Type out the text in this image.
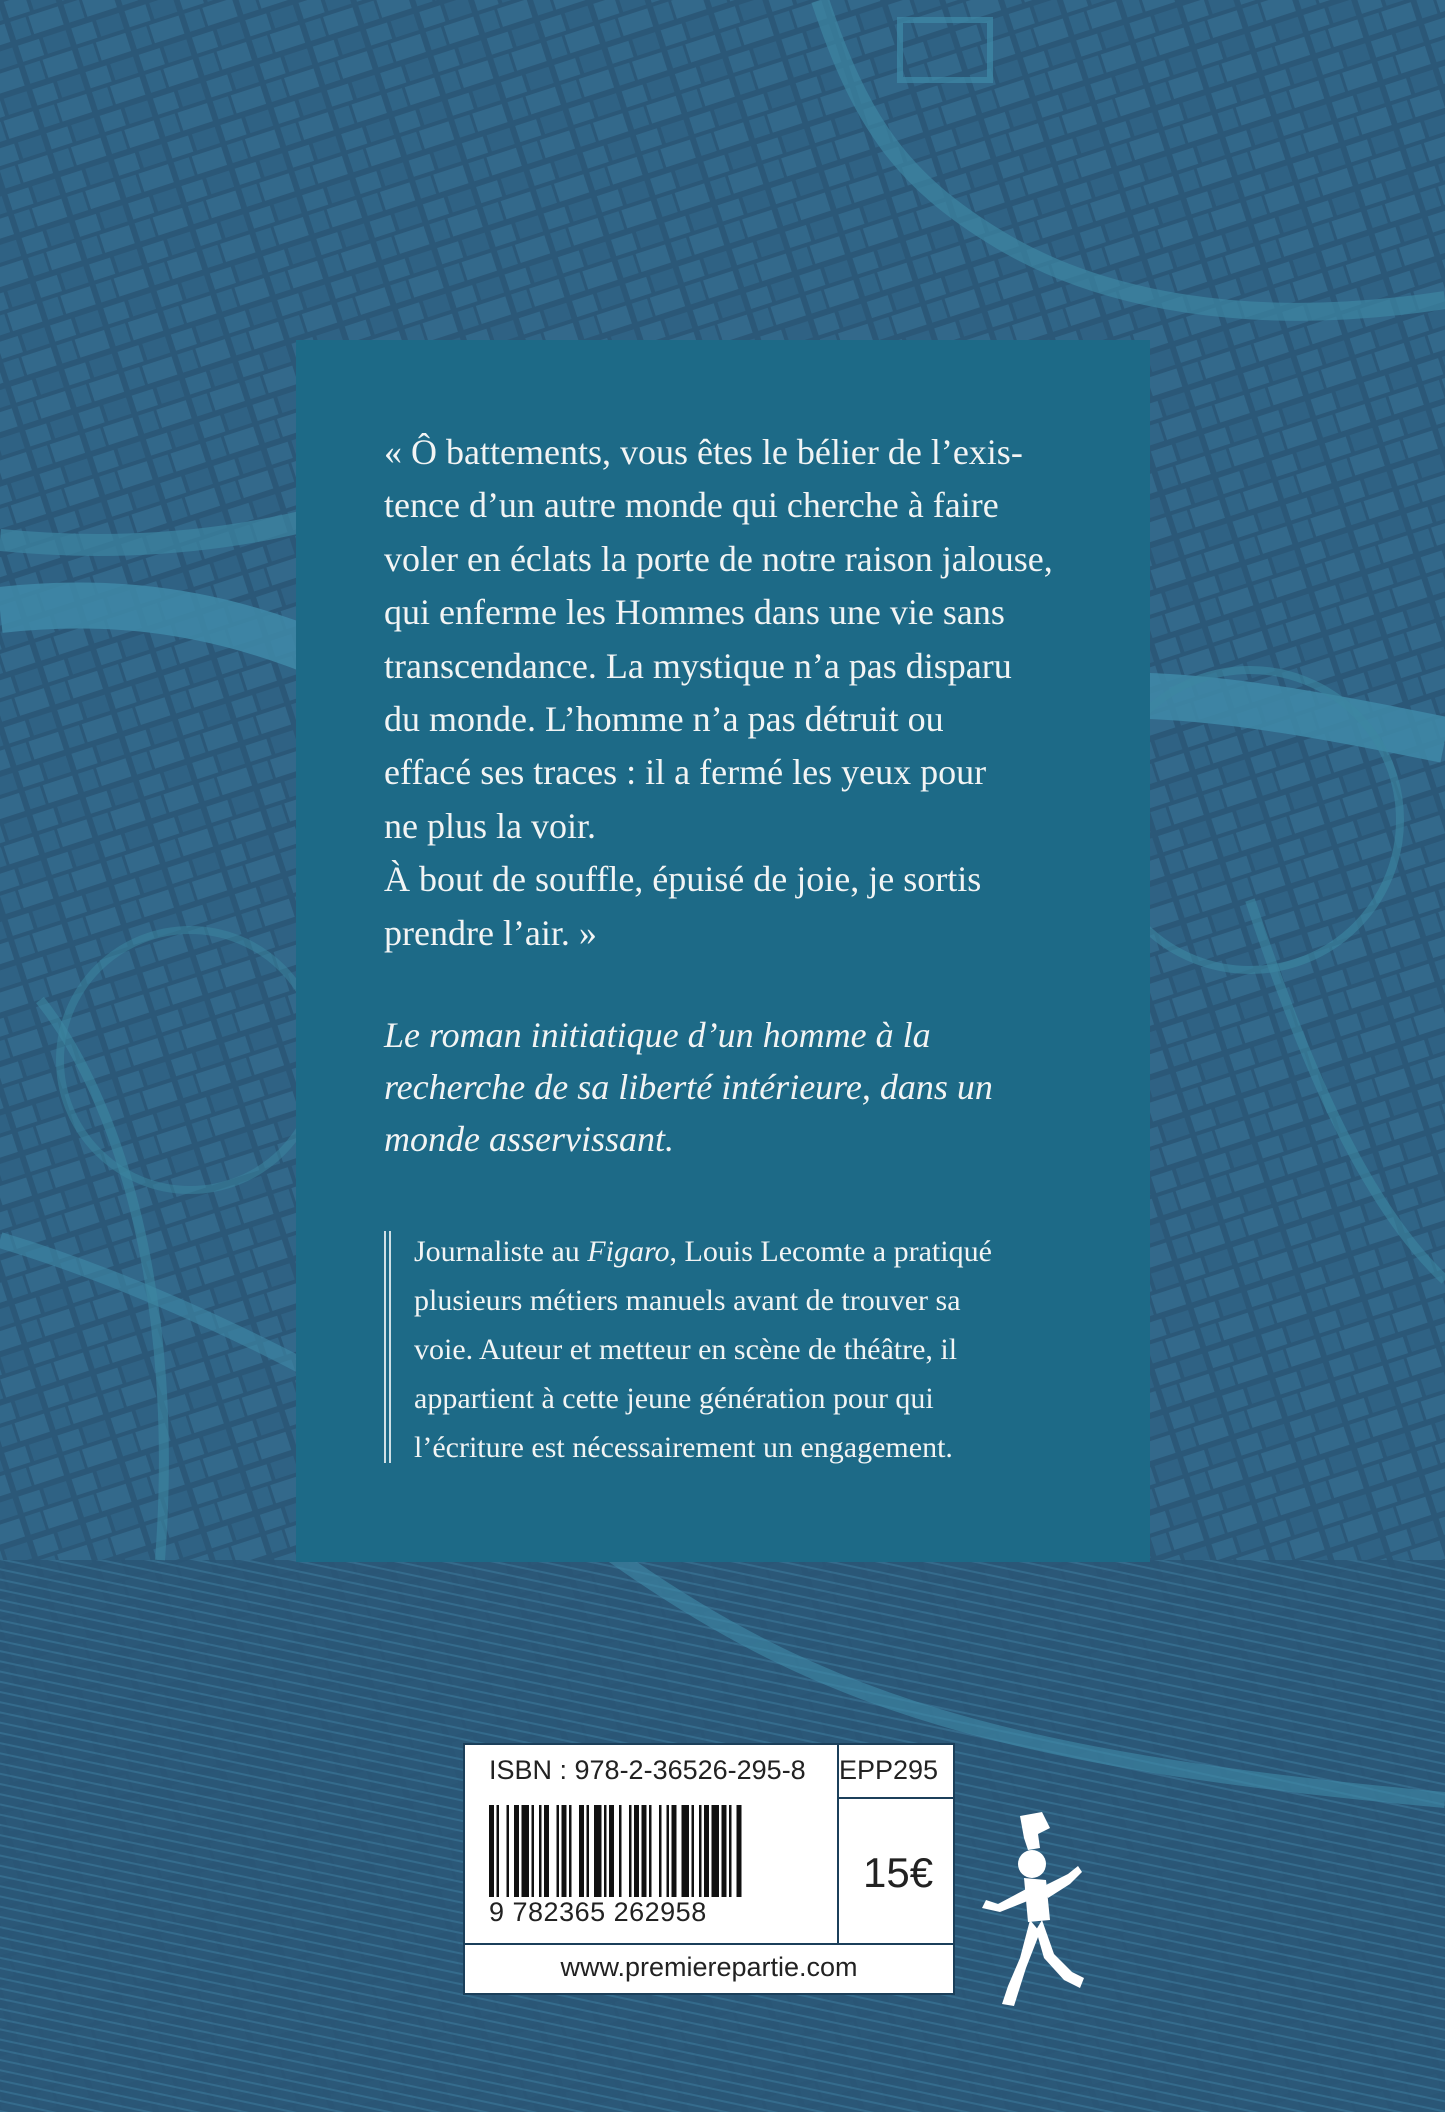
« Ô battements, vous êtes le bélier de l’exis-
tence d’un autre monde qui cherche à faire
voler en éclats la porte de notre raison jalouse,
qui enferme les Hommes dans une vie sans
transcendance. La mystique n’a pas disparu
du monde. L’homme n’a pas détruit ou
effacé ses traces : il a fermé les yeux pour
ne plus la voir.
À bout de souffle, épuisé de joie, je sortis
prendre l’air. »

Le roman initiatique d’un homme à la
recherche de sa liberté intérieure, dans un
monde asservissant.

Journaliste au Figaro, Louis Lecomte a pratiqué
plusieurs métiers manuels avant de trouver sa
voie. Auteur et metteur en scène de théâtre, il
appartient à cette jeune génération pour qui
l’écriture est nécessairement un engagement.
ISBN : 978-2-36526-295-8 EPP295
15€
9 782365 262958
www.premierepartie.com
